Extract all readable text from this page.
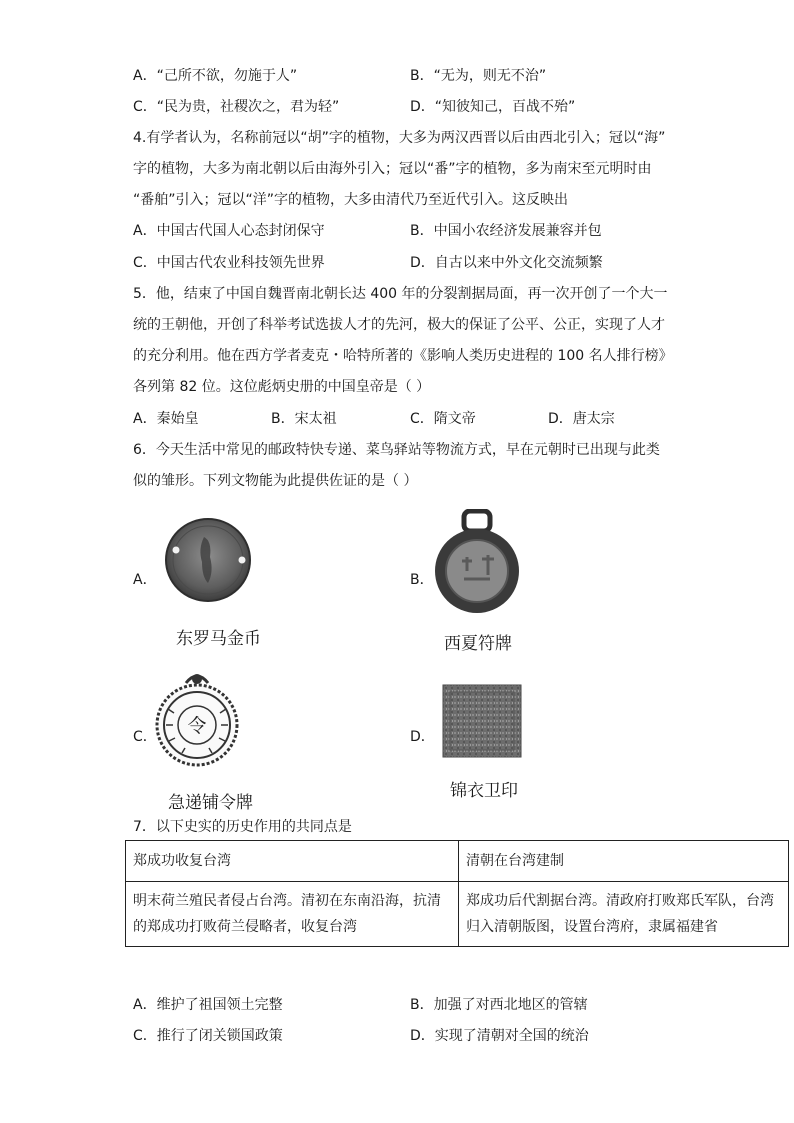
A．“己所不欲，勿施于人”	B．“无为，则无不治”
C．“民为贵，社稷次之，君为轻”	D．“知彼知己，百战不殆”
4.有学者认为，名称前冠以“胡”字的植物，大多为两汉西晋以后由西北引入；冠以“海”
字的植物，大多为南北朝以后由海外引入；冠以“番”字的植物，多为南宋至元明时由
“番舶”引入；冠以“洋”字的植物，大多由清代乃至近代引入。这反映出
A．中国古代国人心态封闭保守	B．中国小农经济发展兼容并包
C．中国古代农业科技领先世界	D．自古以来中外文化交流频繁
5．他，结束了中国自魏晋南北朝长达 400 年的分裂割据局面，再一次开创了一个大一
统的王朝他，开创了科举考试选拔人才的先河，极大的保证了公平、公正，实现了人才
的充分利用。他在西方学者麦克・哈特所著的《影响人类历史进程的 100 名人排行榜》
各列第 82 位。这位彪炳史册的中国皇帝是（ ）
A．秦始皇	B．宋太祖	C．隋文帝	D．唐太宗
6．今天生活中常见的邮政特快专递、菜鸟驿站等物流方式，早在元朝时已出现与此类
似的雏形。下列文物能为此提供佐证的是（ ）
A．	B．
C．	D．
东罗马金币	西夏符牌
令
急递铺令牌
锦衣卫印
7．以下史实的历史作用的共同点是
郑成功收复台湾	清朝在台湾建制
明末荷兰殖民者侵占台湾。清初在东南沿海，抗清的郑成功打败荷兰侵略者，收复台湾	郑成功后代割据台湾。清政府打败郑氏军队，台湾归入清朝版图，设置台湾府，隶属福建省
A．维护了祖国领土完整	B．加强了对西北地区的管辖
C．推行了闭关锁国政策	D．实现了清朝对全国的统治
